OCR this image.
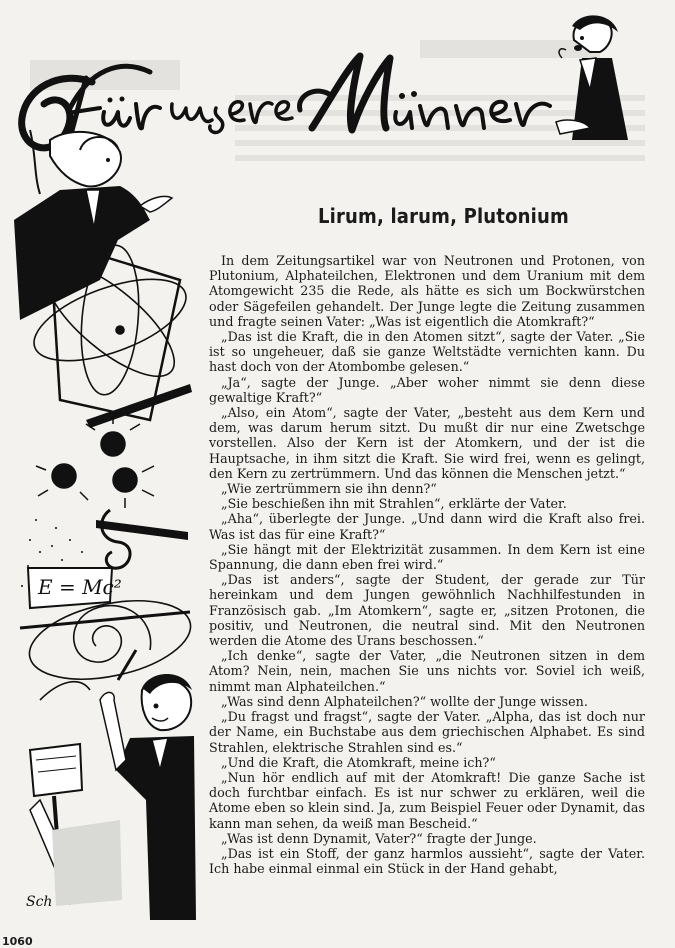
E = Mc²
Sch
Lirum, larum, Plutonium

In dem Zeitungsartikel war von Neutronen und Protonen, von Plutonium, Alphateilchen, Elektronen und dem Uranium mit dem Atomgewicht 235 die Rede, als hätte es sich um Bockwürstchen oder Sägefeilen gehandelt. Der Junge legte die Zeitung zusammen und fragte seinen Vater: „Was ist eigentlich die Atomkraft?“

„Das ist die Kraft, die in den Atomen sitzt“, sagte der Vater. „Sie ist so ungeheuer, daß sie ganze Weltstädte vernichten kann. Du hast doch von der Atombombe gelesen.“

„Ja“, sagte der Junge. „Aber woher nimmt sie denn diese gewaltige Kraft?“

„Also, ein Atom“, sagte der Vater, „besteht aus dem Kern und dem, was darum herum sitzt. Du mußt dir nur eine Zwetschge vorstellen. Also der Kern ist der Atomkern, und der ist die Hauptsache, in ihm sitzt die Kraft. Sie wird frei, wenn es gelingt, den Kern zu zertrümmern. Und das können die Menschen jetzt.“

„Wie zertrümmern sie ihn denn?“

„Sie beschießen ihn mit Strahlen“, erklärte der Vater.

„Aha“, überlegte der Junge. „Und dann wird die Kraft also frei. Was ist das für eine Kraft?“

„Sie hängt mit der Elektrizität zusammen. In dem Kern ist eine Spannung, die dann eben frei wird.“

„Das ist anders“, sagte der Student, der gerade zur Tür hereinkam und dem Jungen gewöhnlich Nachhilfestunden in Französisch gab. „Im Atomkern“, sagte er, „sitzen Protonen, die positiv, und Neutronen, die neutral sind. Mit den Neutronen werden die Atome des Urans beschossen.“

„Ich denke“, sagte der Vater, „die Neutronen sitzen in dem Atom? Nein, nein, machen Sie uns nichts vor. Soviel ich weiß, nimmt man Alphateilchen.“

„Was sind denn Alphateilchen?“ wollte der Junge wissen.

„Du fragst und fragst“, sagte der Vater. „Alpha, das ist doch nur der Name, ein Buchstabe aus dem griechischen Alphabet. Es sind Strahlen, elektrische Strahlen sind es.“

„Und die Kraft, die Atomkraft, meine ich?“

„Nun hör endlich auf mit der Atomkraft! Die ganze Sache ist doch furchtbar einfach. Es ist nur schwer zu erklären, weil die Atome eben so klein sind. Ja, zum Beispiel Feuer oder Dynamit, das kann man sehen, da weiß man Bescheid.“

„Was ist denn Dynamit, Vater?“ fragte der Junge.

„Das ist ein Stoff, der ganz harmlos aussieht“, sagte der Vater. Ich habe einmal einmal ein Stück in der Hand gehabt,

1060
